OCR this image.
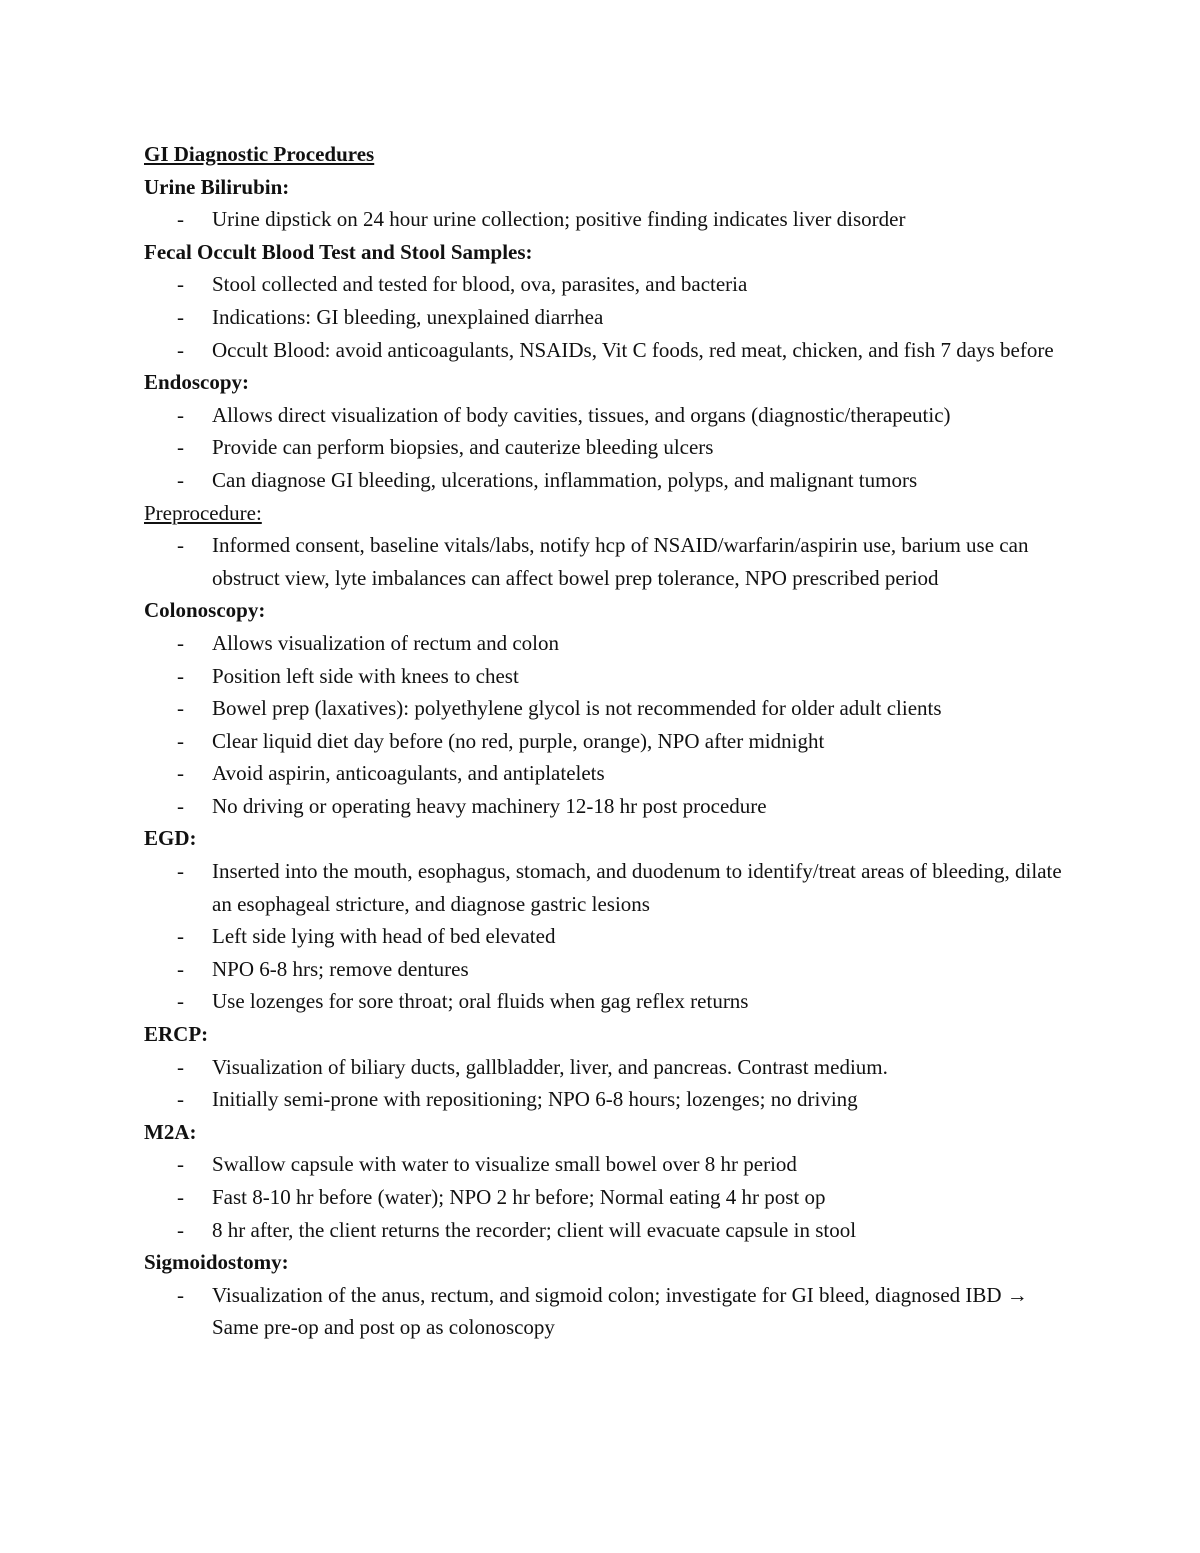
GI Diagnostic Procedures

Urine Bilirubin:

- Urine dipstick on 24 hour urine collection; positive finding indicates liver disorder

Fecal Occult Blood Test and Stool Samples:

- Stool collected and tested for blood, ova, parasites, and bacteria
- Indications: GI bleeding, unexplained diarrhea
- Occult Blood: avoid anticoagulants, NSAIDs, Vit C foods, red meat, chicken, and fish 7 days before

Endoscopy:

- Allows direct visualization of body cavities, tissues, and organs (diagnostic/therapeutic)
- Provide can perform biopsies, and cauterize bleeding ulcers
- Can diagnose GI bleeding, ulcerations, inflammation, polyps, and malignant tumors

Preprocedure:

- Informed consent, baseline vitals/labs, notify hcp of NSAID/warfarin/aspirin use, barium use can obstruct view, lyte imbalances can affect bowel prep tolerance, NPO prescribed period

Colonoscopy:

- Allows visualization of rectum and colon
- Position left side with knees to chest
- Bowel prep (laxatives): polyethylene glycol is not recommended for older adult clients
- Clear liquid diet day before (no red, purple, orange), NPO after midnight
- Avoid aspirin, anticoagulants, and antiplatelets
- No driving or operating heavy machinery 12-18 hr post procedure

EGD:

- Inserted into the mouth, esophagus, stomach, and duodenum to identify/treat areas of bleeding, dilate an esophageal stricture, and diagnose gastric lesions
- Left side lying with head of bed elevated
- NPO 6-8 hrs; remove dentures
- Use lozenges for sore throat; oral fluids when gag reflex returns

ERCP:

- Visualization of biliary ducts, gallbladder, liver, and pancreas. Contrast medium.
- Initially semi-prone with repositioning; NPO 6-8 hours; lozenges; no driving

M2A:

- Swallow capsule with water to visualize small bowel over 8 hr period
- Fast 8-10 hr before (water); NPO 2 hr before; Normal eating 4 hr post op
- 8 hr after, the client returns the recorder; client will evacuate capsule in stool

Sigmoidostomy:

- Visualization of the anus, rectum, and sigmoid colon; investigate for GI bleed, diagnosed IBD → Same pre-op and post op as colonoscopy
